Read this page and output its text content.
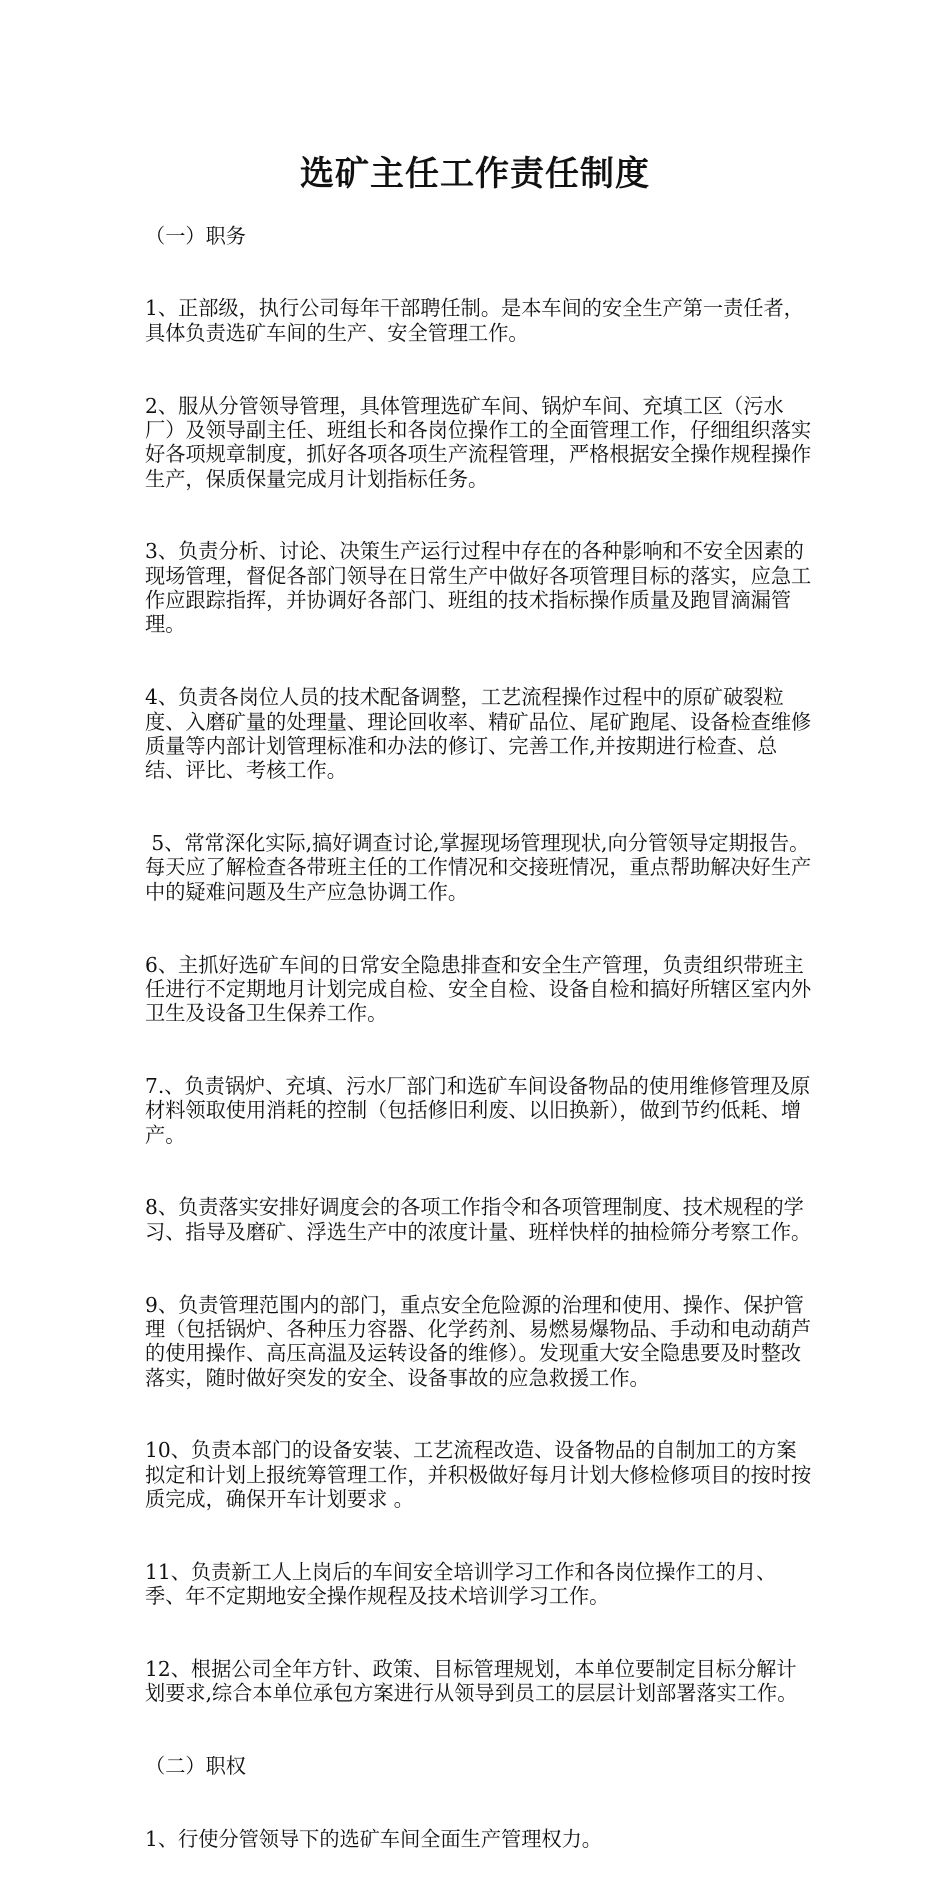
选矿主任工作责任制度

（一）职务

1、正部级，执行公司每年干部聘任制。是本车间的安全生产第一责任者，具体负责选矿车间的生产、安全管理工作。

2、服从分管领导管理，具体管理选矿车间、锅炉车间、充填工区（污水厂）及领导副主任、班组长和各岗位操作工的全面管理工作，仔细组织落实好各项规章制度，抓好各项各项生产流程管理，严格根据安全操作规程操作生产，保质保量完成月计划指标任务。

3、负责分析、讨论、决策生产运行过程中存在的各种影响和不安全因素的现场管理，督促各部门领导在日常生产中做好各项管理目标的落实，应急工作应跟踪指挥，并协调好各部门、班组的技术指标操作质量及跑冒滴漏管理。

4、负责各岗位人员的技术配备调整，工艺流程操作过程中的原矿破裂粒度、入磨矿量的处理量、理论回收率、精矿品位、尾矿跑尾、设备检查维修质量等内部计划管理标准和办法的修订、完善工作,并按期进行检查、总结、评比、考核工作。

5、常常深化实际,搞好调查讨论,掌握现场管理现状,向分管领导定期报告。每天应了解检查各带班主任的工作情况和交接班情况，重点帮助解决好生产中的疑难问题及生产应急协调工作。

6、主抓好选矿车间的日常安全隐患排查和安全生产管理，负责组织带班主任进行不定期地月计划完成自检、安全自检、设备自检和搞好所辖区室内外卫生及设备卫生保养工作。

7.、负责锅炉、充填、污水厂部门和选矿车间设备物品的使用维修管理及原材料领取使用消耗的控制（包括修旧利废、以旧换新），做到节约低耗、增产。

8、负责落实安排好调度会的各项工作指令和各项管理制度、技术规程的学习、指导及磨矿、浮选生产中的浓度计量、班样快样的抽检筛分考察工作。

9、负责管理范围内的部门，重点安全危险源的治理和使用、操作、保护管理（包括锅炉、各种压力容器、化学药剂、易燃易爆物品、手动和电动葫芦的使用操作、高压高温及运转设备的维修）。发现重大安全隐患要及时整改落实，随时做好突发的安全、设备事故的应急救援工作。

10、负责本部门的设备安装、工艺流程改造、设备物品的自制加工的方案拟定和计划上报统筹管理工作，并积极做好每月计划大修检修项目的按时按质完成，确保开车计划要求 。

11、负责新工人上岗后的车间安全培训学习工作和各岗位操作工的月、季、年不定期地安全操作规程及技术培训学习工作。

12、根据公司全年方针、政策、目标管理规划，本单位要制定目标分解计划要求,综合本单位承包方案进行从领导到员工的层层计划部署落实工作。

（二）职权

1、行使分管领导下的选矿车间全面生产管理权力。
